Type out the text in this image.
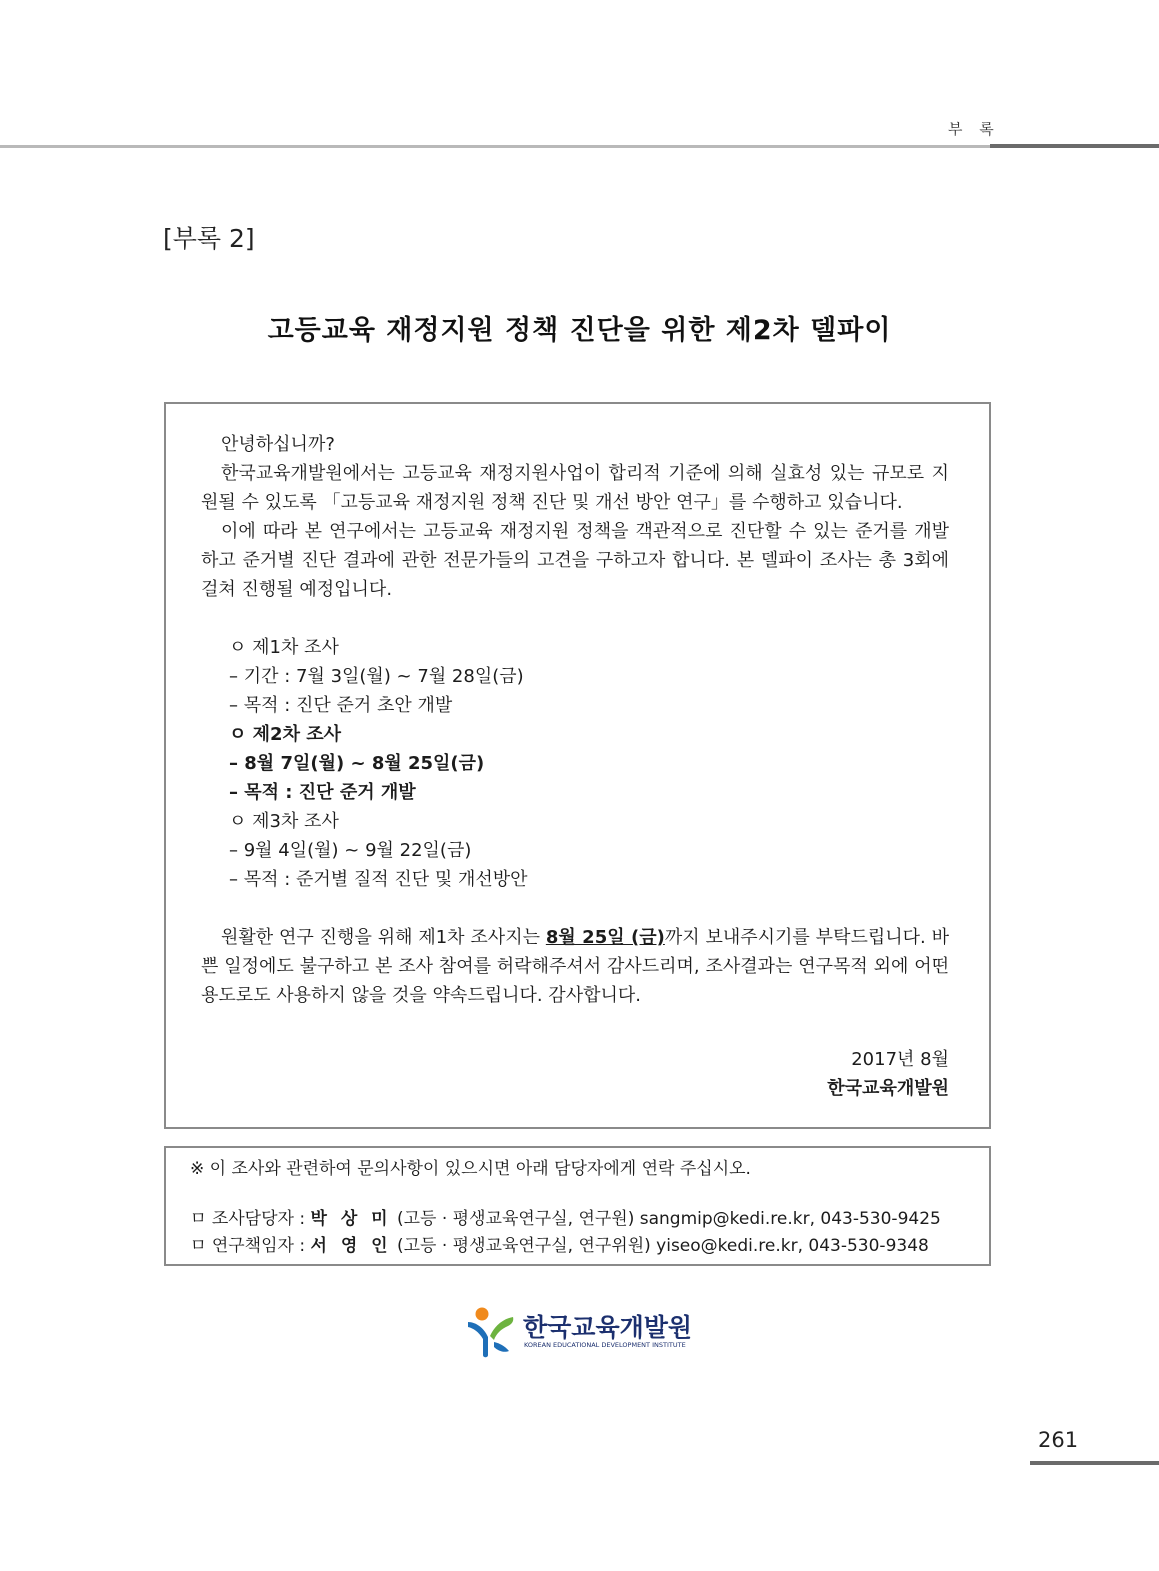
부 록
[부록 2]
고등교육 재정지원 정책 진단을 위한 제2차 델파이

안녕하십니까?

한국교육개발원에서는 고등교육 재정지원사업이 합리적 기준에 의해 실효성 있는 규모로 지원될 수 있도록 「고등교육 재정지원 정책 진단 및 개선 방안 연구」를 수행하고 있습니다.

이에 따라 본 연구에서는 고등교육 재정지원 정책을 객관적으로 진단할 수 있는 준거를 개발하고 준거별 진단 결과에 관한 전문가들의 고견을 구하고자 합니다. 본 델파이 조사는 총 3회에 걸쳐 진행될 예정입니다.

ㅇ 제1차 조사

– 기간 : 7월 3일(월) ~ 7월 28일(금)

– 목적 : 진단 준거 초안 개발

ㅇ 제2차 조사

– 8월 7일(월) ~ 8월 25일(금)

– 목적 : 진단 준거 개발

ㅇ 제3차 조사

– 9월 4일(월) ~ 9월 22일(금)

– 목적 : 준거별 질적 진단 및 개선방안

원활한 연구 진행을 위해 제1차 조사지는 8월 25일 (금)까지 보내주시기를 부탁드립니다. 바쁜 일정에도 불구하고 본 조사 참여를 허락해주셔서 감사드리며, 조사결과는 연구목적 외에 어떤 용도로도 사용하지 않을 것을 약속드립니다. 감사합니다.

2017년 8월

한국교육개발원

※ 이 조사와 관련하여 문의사항이 있으시면 아래 담당자에게 연락 주십시오.

ㅁ 조사담당자 : 박 상 미 (고등 · 평생교육연구실, 연구원) sangmip@kedi.re.kr, 043-530-9425

ㅁ 연구책임자 : 서 영 인 (고등 · 평생교육연구실, 연구위원) yiseo@kedi.re.kr, 043-530-9348

한국교육개발원
KOREAN EDUCATIONAL DEVELOPMENT INSTITUTE
261
